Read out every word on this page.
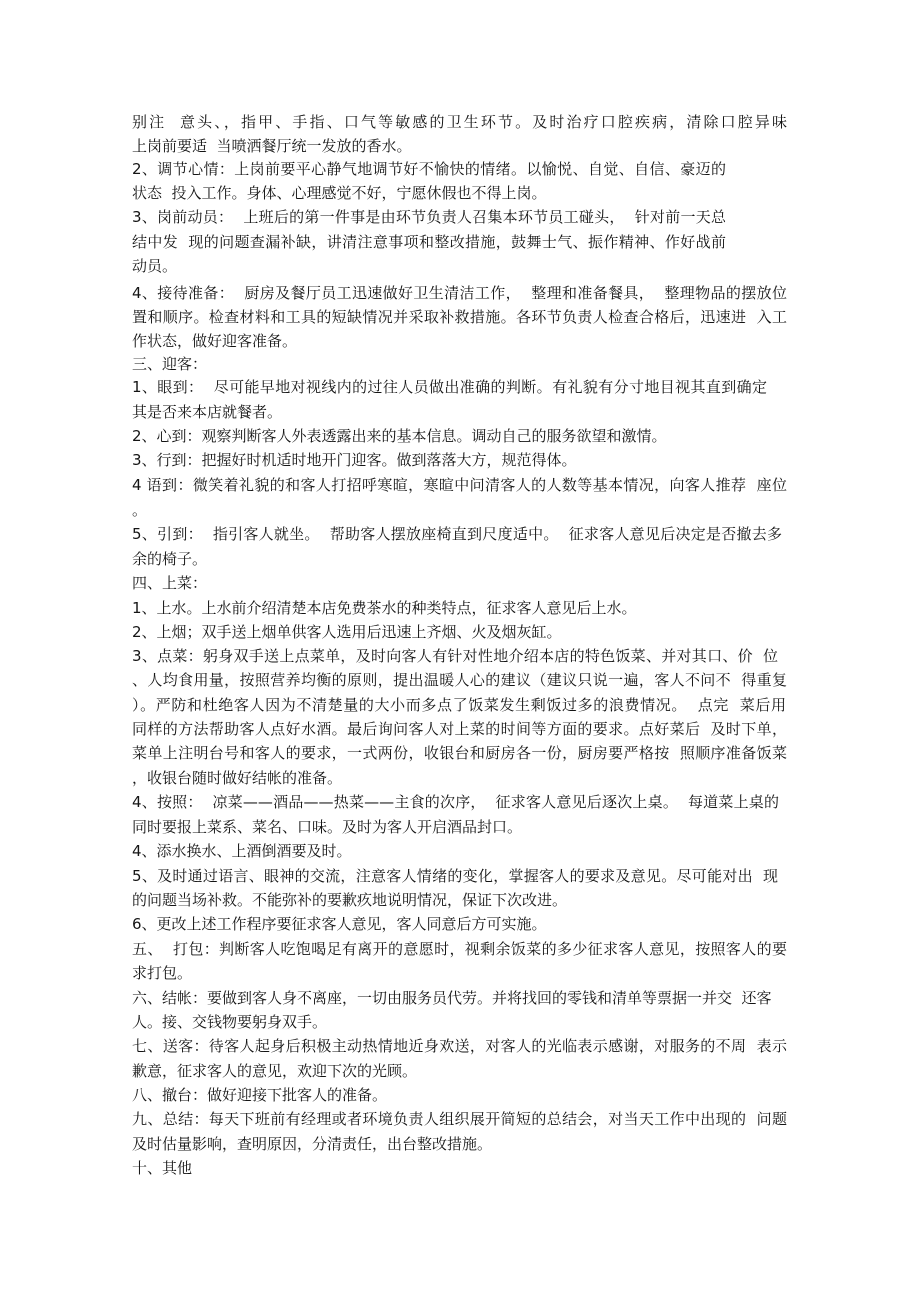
别注  意头、，指甲、手指、口气等敏感的卫生环节。及时治疗口腔疾病，清除口腔异味

上岗前要适  当喷洒餐厅统一发放的香水。

2、调节心情：上岗前要平心静气地调节好不愉快的情绪。以愉悦、自觉、自信、豪迈的

状态  投入工作。身体、心理感觉不好，宁愿休假也不得上岗。

3、岗前动员：  上班后的第一件事是由环节负责人召集本环节员工碰头，  针对前一天总

结中发  现的问题查漏补缺，讲清注意事项和整改措施，鼓舞士气、振作精神、作好战前

动员。

4、接待准备：  厨房及餐厅员工迅速做好卫生清洁工作，  整理和准备餐具，  整理物品的摆放位

置和顺序。检查材料和工具的短缺情况并采取补救措施。各环节负责人检查合格后，迅速进  入工

作状态，做好迎客准备。

三、迎客：

1、眼到：  尽可能早地对视线内的过往人员做出准确的判断。有礼貌有分寸地目视其直到确定

其是否来本店就餐者。

2、心到：观察判断客人外表透露出来的基本信息。调动自己的服务欲望和激情。

3、行到：把握好时机适时地开门迎客。做到落落大方，规范得体。

4 语到：微笑着礼貌的和客人打招呼寒暄，寒暄中问清客人的人数等基本情况，向客人推荐  座位

。

5、引到：  指引客人就坐。  帮助客人摆放座椅直到尺度适中。  征求客人意见后决定是否撤去多

余的椅子。

四、上菜：

1、上水。上水前介绍清楚本店免费茶水的种类特点，征求客人意见后上水。

2、上烟；双手送上烟单供客人选用后迅速上齐烟、火及烟灰缸。

3、点菜：躬身双手送上点菜单，及时向客人有针对性地介绍本店的特色饭菜、并对其口、价  位

、人均食用量，按照营养均衡的原则，提出温暖人心的建议（建议只说一遍，客人不问不  得重复

）。严防和杜绝客人因为不清楚量的大小而多点了饭菜发生剩饭过多的浪费情况。  点完  菜后用

同样的方法帮助客人点好水酒。最后询问客人对上菜的时间等方面的要求。点好菜后  及时下单，

菜单上注明台号和客人的要求，一式两份，收银台和厨房各一份，厨房要严格按  照顺序准备饭菜

，收银台随时做好结帐的准备。

4、按照：  凉菜——酒品——热菜——主食的次序，  征求客人意见后逐次上桌。  每道菜上桌的

同时要报上菜系、菜名、口味。及时为客人开启酒品封口。

4、添水换水、上酒倒酒要及时。

5、及时通过语言、眼神的交流，注意客人情绪的变化，掌握客人的要求及意见。尽可能对出  现

的问题当场补救。不能弥补的要歉疚地说明情况，保证下次改进。

6、更改上述工作程序要征求客人意见，客人同意后方可实施。

五、  打包：判断客人吃饱喝足有离开的意愿时，视剩余饭菜的多少征求客人意见，按照客人的要

求打包。

六、结帐：要做到客人身不离座，一切由服务员代劳。并将找回的零钱和清单等票据一并交  还客

人。接、交钱物要躬身双手。

七、送客：待客人起身后积极主动热情地近身欢送，对客人的光临表示感谢，对服务的不周  表示

歉意，征求客人的意见，欢迎下次的光顾。

八、撤台：做好迎接下批客人的准备。

九、总结：每天下班前有经理或者环境负责人组织展开简短的总结会，对当天工作中出现的  问题

及时估量影响，查明原因，分清责任，出台整改措施。

十、其他
